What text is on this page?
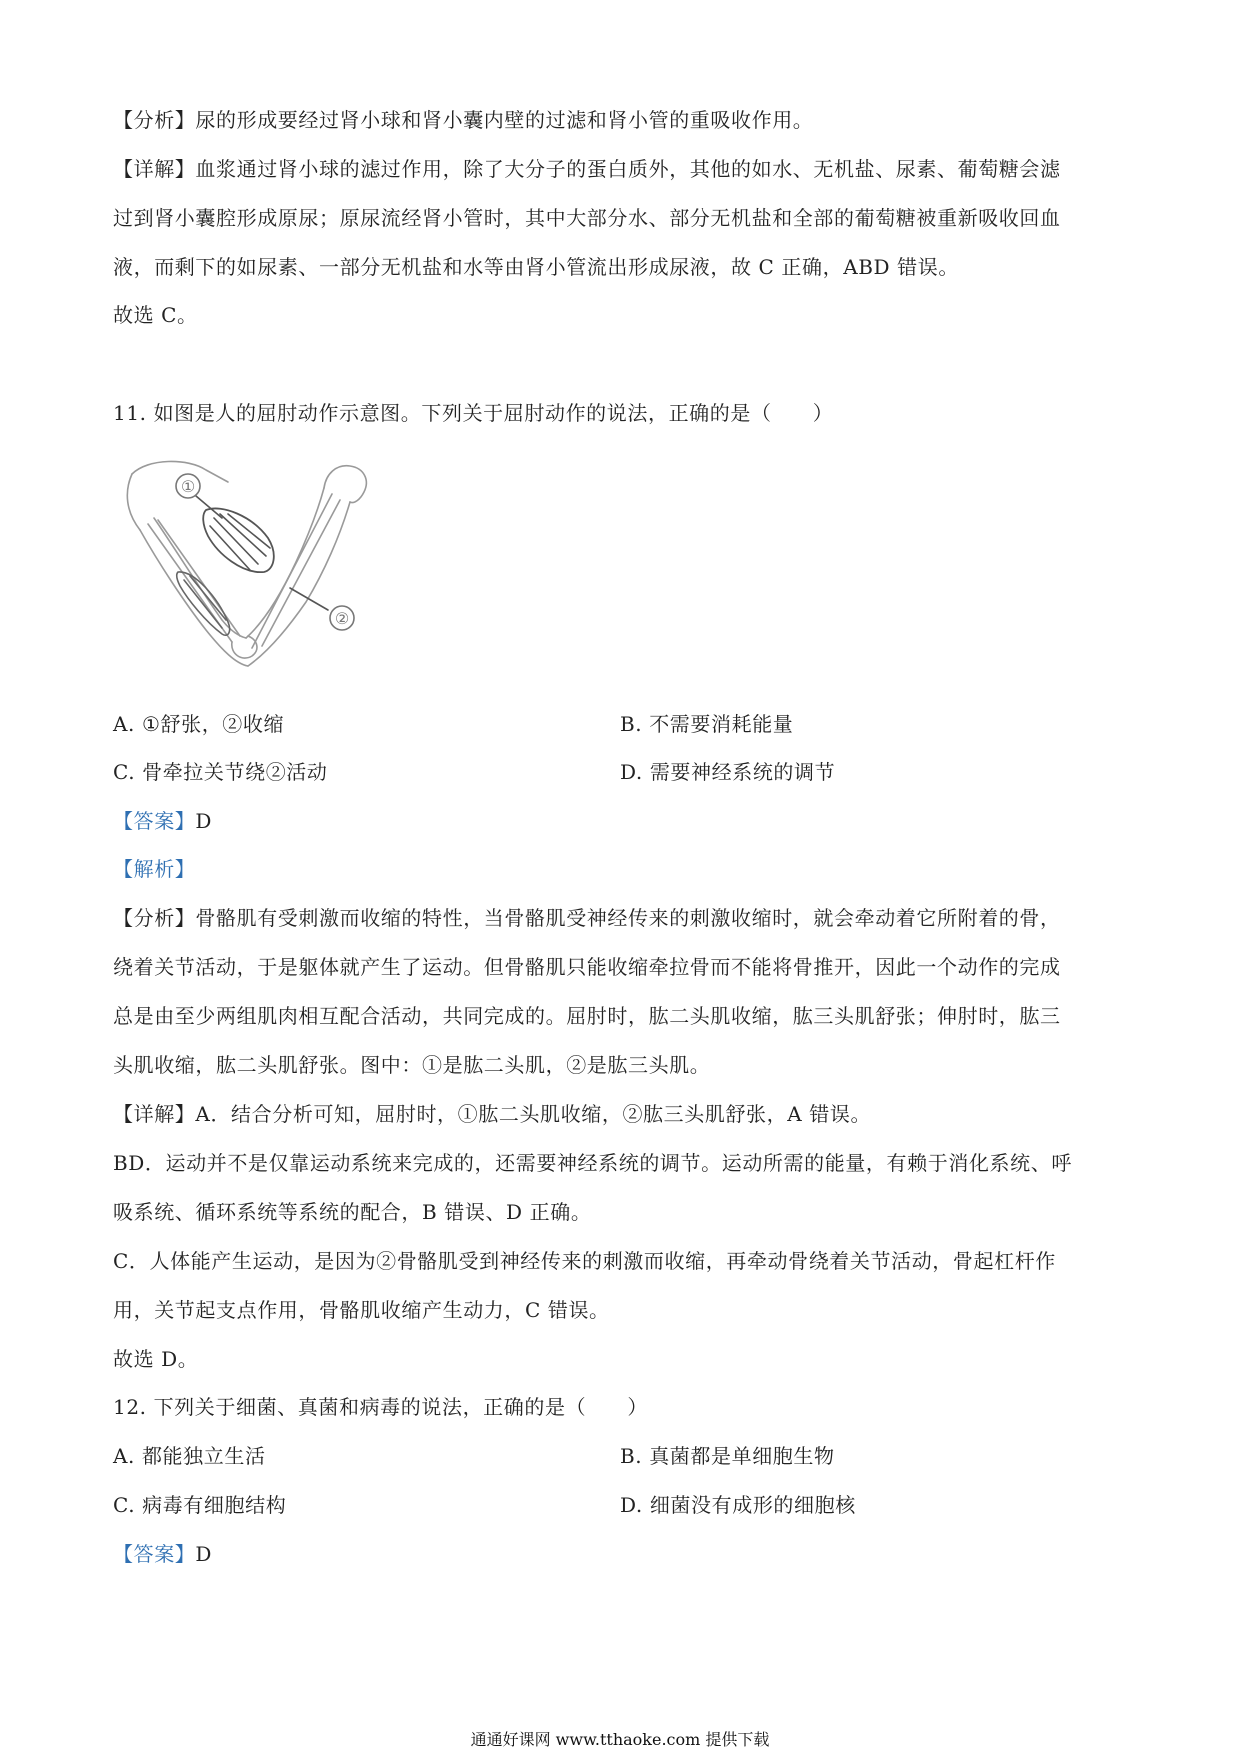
【分析】尿的形成要经过肾小球和肾小囊内壁的过滤和肾小管的重吸收作用。
【详解】血浆通过肾小球的滤过作用，除了大分子的蛋白质外，其他的如水、无机盐、尿素、葡萄糖会滤
过到肾小囊腔形成原尿；原尿流经肾小管时，其中大部分水、部分无机盐和全部的葡萄糖被重新吸收回血
液，而剩下的如尿素、一部分无机盐和水等由肾小管流出形成尿液，故 C 正确，ABD 错误。
故选 C。
11. 如图是人的屈肘动作示意图。下列关于屈肘动作的说法，正确的是（　　）
①
②
A. ①舒张，②收缩	B. 不需要消耗能量
C. 骨牵拉关节绕②活动	D. 需要神经系统的调节
【答案】D
【解析】
【分析】骨骼肌有受刺激而收缩的特性，当骨骼肌受神经传来的刺激收缩时，就会牵动着它所附着的骨，
绕着关节活动，于是躯体就产生了运动。但骨骼肌只能收缩牵拉骨而不能将骨推开，因此一个动作的完成
总是由至少两组肌肉相互配合活动，共同完成的。屈肘时，肱二头肌收缩，肱三头肌舒张；伸肘时，肱三
头肌收缩，肱二头肌舒张。图中：①是肱二头肌，②是肱三头肌。
【详解】A．结合分析可知，屈肘时，①肱二头肌收缩，②肱三头肌舒张，A 错误。
BD．运动并不是仅靠运动系统来完成的，还需要神经系统的调节。运动所需的能量，有赖于消化系统、呼
吸系统、循环系统等系统的配合，B 错误、D 正确。
C．人体能产生运动，是因为②骨骼肌受到神经传来的刺激而收缩，再牵动骨绕着关节活动，骨起杠杆作
用，关节起支点作用，骨骼肌收缩产生动力，C 错误。
故选 D。
12. 下列关于细菌、真菌和病毒的说法，正确的是（　　）
A. 都能独立生活	B. 真菌都是单细胞生物
C. 病毒有细胞结构	D. 细菌没有成形的细胞核
【答案】D
通通好课网 www.tthaoke.com 提供下载
